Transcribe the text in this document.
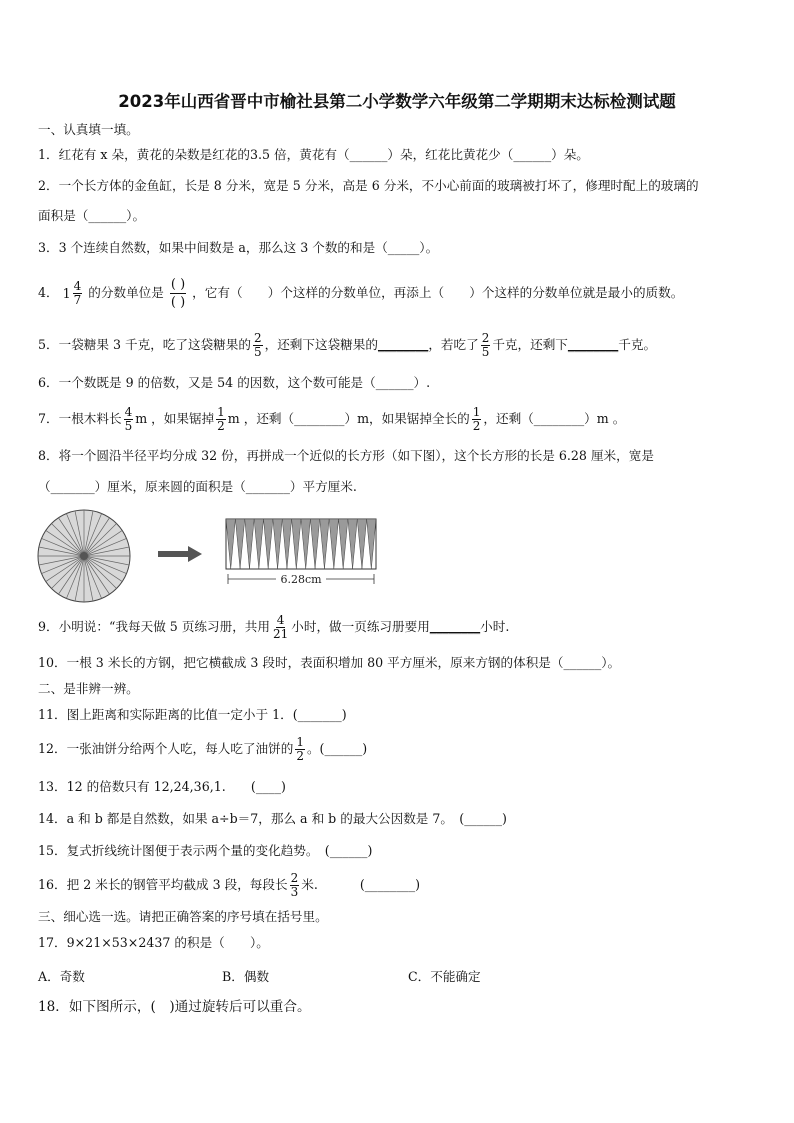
2023年山西省晋中市榆社县第二小学数学六年级第二学期期末达标检测试题
一、认真填一填。
1．红花有 x 朵，黄花的朵数是红花的3.5 倍，黄花有（______）朵，红花比黄花少（______）朵。
2．一个长方体的金鱼缸，长是 8 分米，宽是 5 分米，高是 6 分米，不小心前面的玻璃被打坏了，修理时配上的玻璃的
面积是（______）。
3．3 个连续自然数，如果中间数是 a，那么这 3 个数的和是（_____）。
4． $1 \frac{4}{7}$ 的分数单位是 $\frac{( )}{( )}$ ，它有（　　）个这样的分数单位，再添上（　　）个这样的分数单位就是最小的质数。
5．一袋糖果 3 千克，吃了这袋糖果的 $\frac{2}{5}$ ，还剩下这袋糖果的________，若吃了 $\frac{2}{5}$ 千克，还剩下________千克。
6．一个数既是 9 的倍数，又是 54 的因数，这个数可能是（______）.
7．一根木料长 $\frac{4}{5}$ m ，如果锯掉 $\frac{1}{2}$ m ，还剩（________）m，如果锯掉全长的 $\frac{1}{2}$ ，还剩（________）m 。
8．将一个圆沿半径平均分成 32 份，再拼成一个近似的长方形（如下图），这个长方形的长是 6.28 厘米，宽是
（_______）厘米，原来圆的面积是（_______）平方厘米.
6.28cm
9．小明说：“我每天做 5 页练习册，共用 $\frac{4}{21}$ 小时，做一页练习册要用________小时.
10．一根 3 米长的方钢，把它横截成 3 段时，表面积增加 80 平方厘米，原来方钢的体积是（______）。
二、是非辨一辨。
11．图上距离和实际距离的比值一定小于 1．(_______)
12．一张油饼分给两个人吃，每人吃了油饼的 $\frac{1}{2}$ 。(______)
13．12 的倍数只有 12,24,36,1.　　(____)
14．a 和 b 都是自然数，如果 a÷b＝7，那么 a 和 b 的最大公因数是 7。　(______)
15．复式折线统计图便于表示两个量的变化趋势。　(______)
16．把 2 米长的钢管平均截成 3 段，每段长 $\frac{2}{3}$ 米.	(________)
三、细心选一选。请把正确答案的序号填在括号里。
17．9×21×53×2437 的积是（　　）。
A．奇数	B．偶数	C．不能确定
18．如下图所示，(　)通过旋转后可以重合。
